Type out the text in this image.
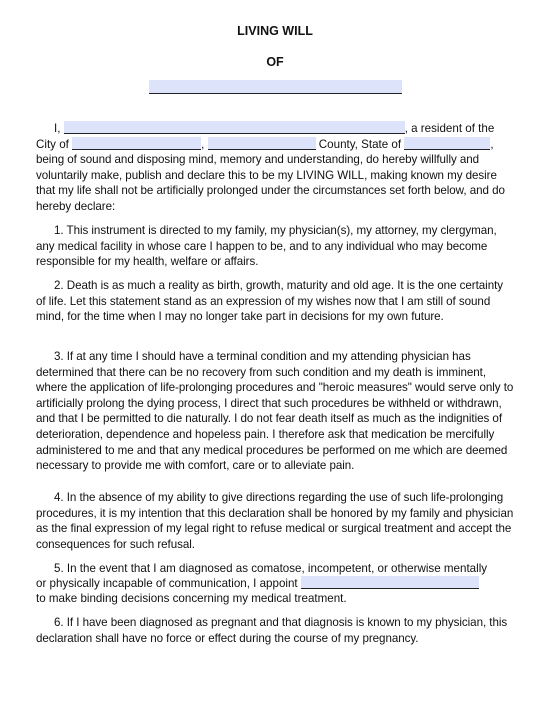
LIVING WILL
OF
I,	, a resident of the
City of	,	County, State of	,
being of sound and disposing mind, memory and understanding, do hereby willfully and voluntarily make, publish and declare this to be my LIVING WILL, making known my desire that my life shall not be artificially prolonged under the circumstances set forth below, and do hereby declare:
1. This instrument is directed to my family, my physician(s), my attorney, my clergyman, any medical facility in whose care I happen to be, and to any individual who may become responsible for my health, welfare or affairs.
2. Death is as much a reality as birth, growth, maturity and old age. It is the one certainty of life. Let this statement stand as an expression of my wishes now that I am still of sound mind, for the time when I may no longer take part in decisions for my own future.
3. If at any time I should have a terminal condition and my attending physician has determined that there can be no recovery from such condition and my death is imminent, where the application of life-prolonging procedures and "heroic measures" would serve only to artificially prolong the dying process, I direct that such procedures be withheld or withdrawn, and that I be permitted to die naturally. I do not fear death itself as much as the indignities of deterioration, dependence and hopeless pain. I therefore ask that medication be mercifully administered to me and that any medical procedures be performed on me which are deemed necessary to provide me with comfort, care or to alleviate pain.
4. In the absence of my ability to give directions regarding the use of such life-prolonging procedures, it is my intention that this declaration shall be honored by my family and physician as the final expression of my legal right to refuse medical or surgical treatment and accept the consequences for such refusal.
5. In the event that I am diagnosed as comatose, incompetent, or otherwise mentally
or physically incapable of communication, I appoint
to make binding decisions concerning my medical treatment.
6. If I have been diagnosed as pregnant and that diagnosis is known to my physician, this declaration shall have no force or effect during the course of my pregnancy.
